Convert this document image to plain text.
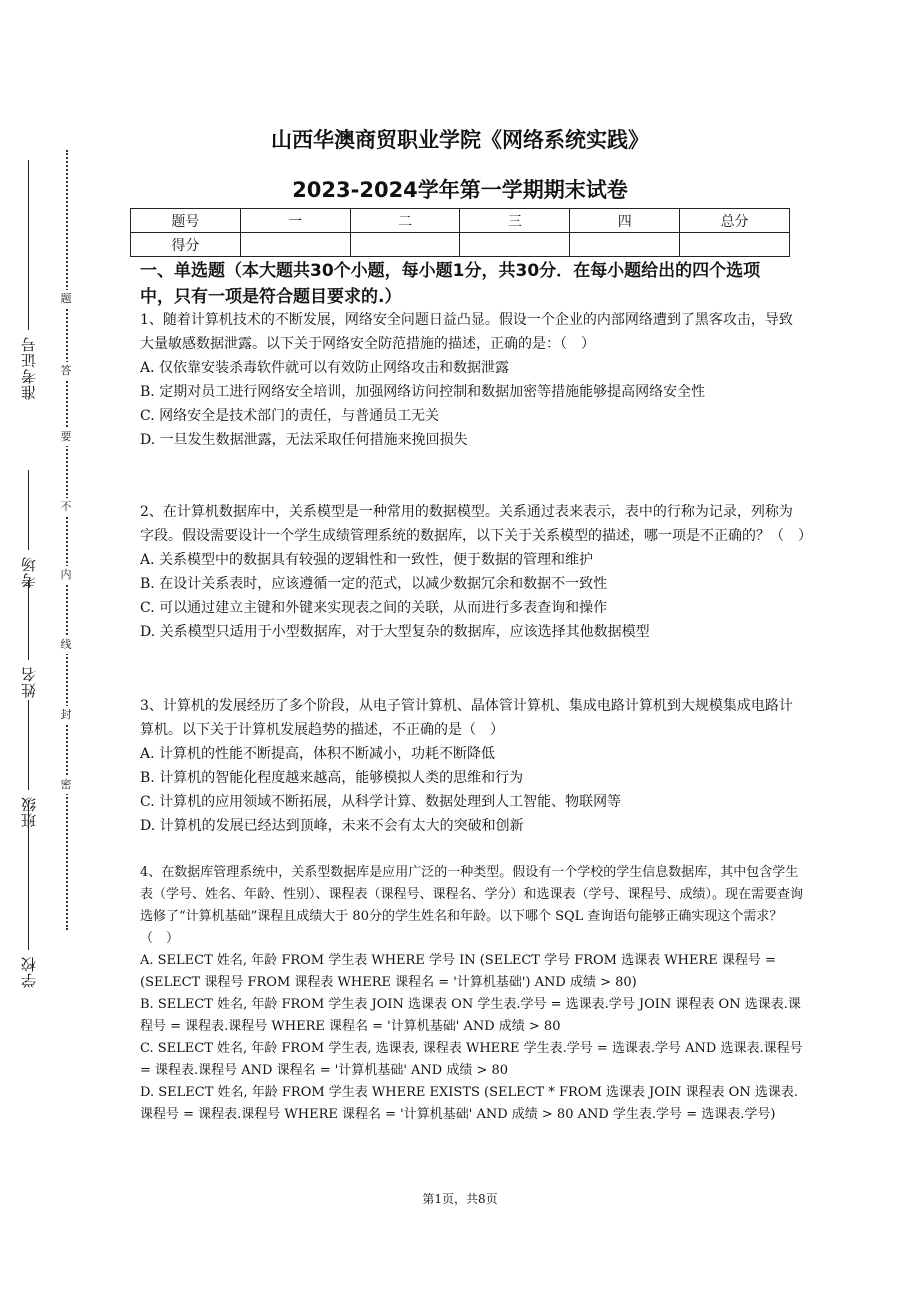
准考证号
考场
姓名
班级
学校
题
答
要
不
内
线
封
密
山西华澳商贸职业学院《网络系统实践》
2023-2024学年第一学期期末试卷
题号	一	二	三	四	总分
得分					
一、单选题（本大题共30个小题，每小题1分，共30分．在每小题给出的四个选项中，只有一项是符合题目要求的.）

1、随着计算机技术的不断发展，网络安全问题日益凸显。假设一个企业的内部网络遭到了黑客攻击，导致大量敏感数据泄露。以下关于网络安全防范措施的描述，正确的是：（　）

A. 仅依靠安装杀毒软件就可以有效防止网络攻击和数据泄露

B. 定期对员工进行网络安全培训，加强网络访问控制和数据加密等措施能够提高网络安全性

C. 网络安全是技术部门的责任，与普通员工无关

D. 一旦发生数据泄露，无法采取任何措施来挽回损失

2、在计算机数据库中，关系模型是一种常用的数据模型。关系通过表来表示，表中的行称为记录，列称为字段。假设需要设计一个学生成绩管理系统的数据库，以下关于关系模型的描述，哪一项是不正确的？（　）

A. 关系模型中的数据具有较强的逻辑性和一致性，便于数据的管理和维护

B. 在设计关系表时，应该遵循一定的范式，以减少数据冗余和数据不一致性

C. 可以通过建立主键和外键来实现表之间的关联，从而进行多表查询和操作

D. 关系模型只适用于小型数据库，对于大型复杂的数据库，应该选择其他数据模型

3、计算机的发展经历了多个阶段，从电子管计算机、晶体管计算机、集成电路计算机到大规模集成电路计算机。以下关于计算机发展趋势的描述，不正确的是（　）

A. 计算机的性能不断提高，体积不断减小，功耗不断降低

B. 计算机的智能化程度越来越高，能够模拟人类的思维和行为

C. 计算机的应用领域不断拓展，从科学计算、数据处理到人工智能、物联网等

D. 计算机的发展已经达到顶峰，未来不会有太大的突破和创新

4、在数据库管理系统中，关系型数据库是应用广泛的一种类型。假设有一个学校的学生信息数据库，其中包含学生表（学号、姓名、年龄、性别）、课程表（课程号、课程名、学分）和选课表（学号、课程号、成绩）。现在需要查询选修了“计算机基础”课程且成绩大于 80分的学生姓名和年龄。以下哪个 SQL 查询语句能够正确实现这个需求？（　）

A. SELECT 姓名, 年龄 FROM 学生表 WHERE 学号 IN (SELECT 学号 FROM 选课表 WHERE 课程号 = (SELECT 课程号 FROM 课程表 WHERE 课程名 = '计算机基础') AND 成绩 > 80)

B. SELECT 姓名, 年龄 FROM 学生表 JOIN 选课表 ON 学生表.学号 = 选课表.学号 JOIN 课程表 ON 选课表.课程号 = 课程表.课程号 WHERE 课程名 = '计算机基础' AND 成绩 > 80

C. SELECT 姓名, 年龄 FROM 学生表, 选课表, 课程表 WHERE 学生表.学号 = 选课表.学号 AND 选课表.课程号 = 课程表.课程号 AND 课程名 = '计算机基础' AND 成绩 > 80

D. SELECT 姓名, 年龄 FROM 学生表 WHERE EXISTS (SELECT * FROM 选课表 JOIN 课程表 ON 选课表.课程号 = 课程表.课程号 WHERE 课程名 = '计算机基础' AND 成绩 > 80 AND 学生表.学号 = 选课表.学号)

第1页，共8页
